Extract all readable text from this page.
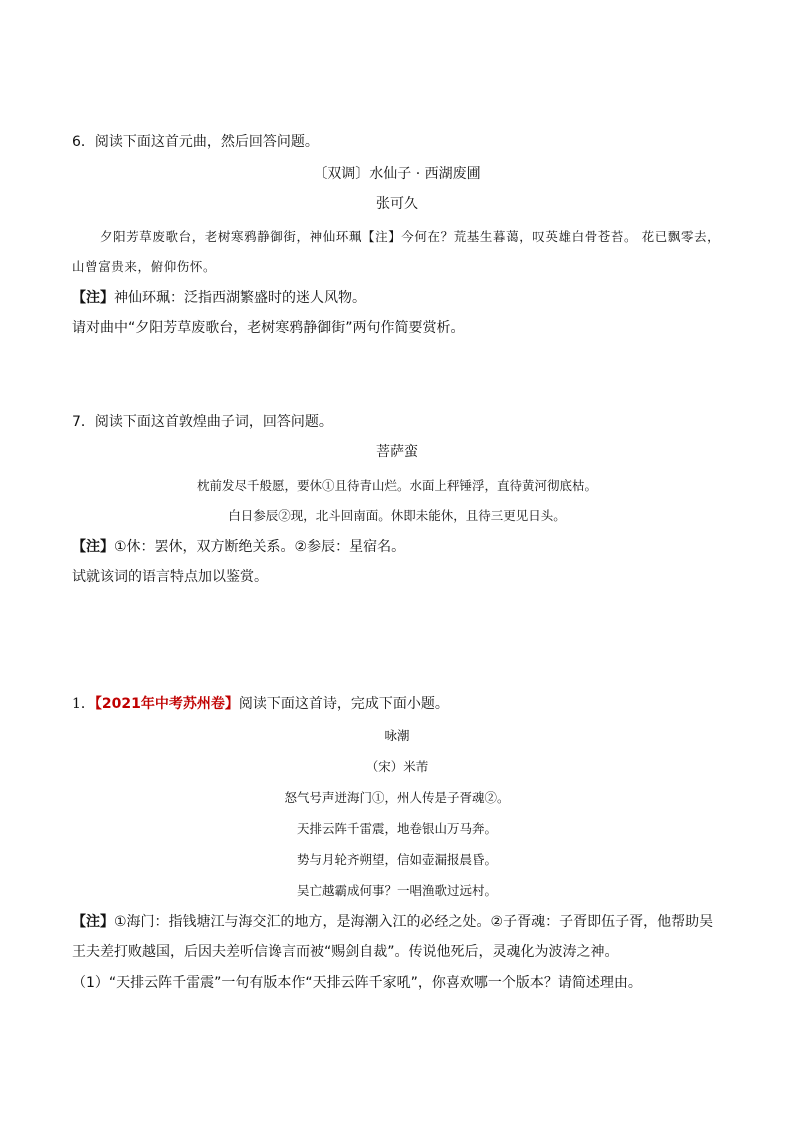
6．阅读下面这首元曲，然后回答问题。
〔双调〕水仙子 · 西湖废圃
张可久
夕阳芳草废歌台，老树寒鸦静御街，神仙环珮【注】今何在？荒基生暮蔼，叹英雄白骨苍苔。 花已飘零去，山曾富贵来，俯仰伤怀。
【注】神仙环珮：泛指西湖繁盛时的迷人风物。
请对曲中“夕阳芳草废歌台，老树寒鸦静御街”两句作简要赏析。
7．阅读下面这首敦煌曲子词，回答问题。
菩萨蛮
枕前发尽千般愿，要休①且待青山烂。水面上秤锤浮，直待黄河彻底枯。
白日参辰②现，北斗回南面。休即未能休，且待三更见日头。
【注】①休：罢休，双方断绝关系。②参辰：星宿名。
试就该词的语言特点加以鉴赏。
1．【2021年中考苏州卷】阅读下面这首诗，完成下面小题。
咏潮
（宋）米芾
怒气号声迸海门①，州人传是子胥魂②。
天排云阵千雷震，地卷银山万马奔。
势与月轮齐朔望，信如壶漏报晨昏。
吴亡越霸成何事？一唱渔歌过远村。
【注】①海门：指钱塘江与海交汇的地方，是海潮入江的必经之处。②子胥魂：子胥即伍子胥，他帮助吴
王夫差打败越国，后因夫差听信谗言而被“赐剑自裁”。传说他死后，灵魂化为波涛之神。
（1）“天排云阵千雷震”一句有版本作“天排云阵千家吼”，你喜欢哪一个版本？请简述理由。
